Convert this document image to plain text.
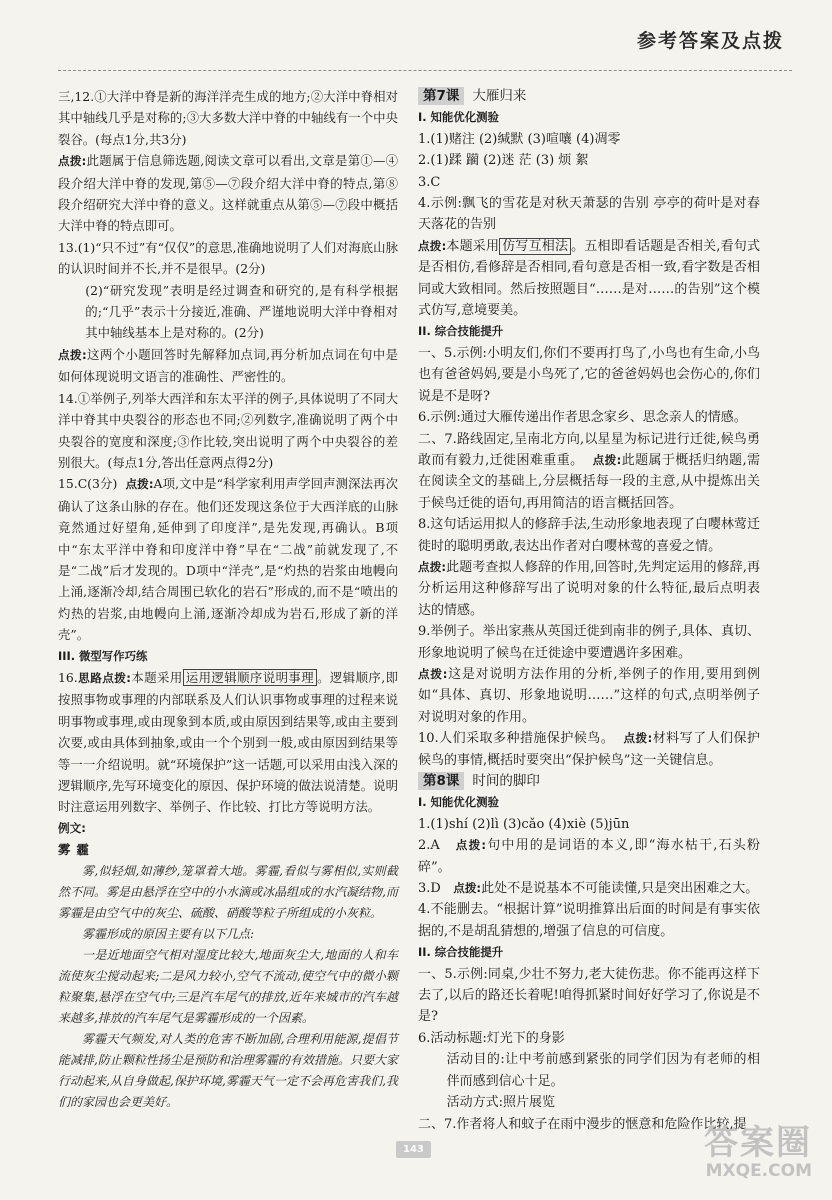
参考答案及点拨

三,12.①大洋中脊是新的海洋洋壳生成的地方;②大洋中脊相对其中轴线几乎是对称的;③大多数大洋中脊的中轴线有一个中央裂谷。(每点1分,共3分)

点拨:此题属于信息筛选题,阅读文章可以看出,文章是第①—④段介绍大洋中脊的发现,第⑤—⑦段介绍大洋中脊的特点,第⑧段介绍研究大洋中脊的意义。这样就重点从第⑤—⑦段中概括大洋中脊的特点即可。

13.(1)“只不过”有“仅仅”的意思,准确地说明了人们对海底山脉的认识时间并不长,并不是很早。(2分)

(2)“研究发现”表明是经过调查和研究的,是有科学根据的;“几乎”表示十分接近,准确、严谨地说明大洋中脊相对其中轴线基本上是对称的。(2分)

点拨:这两个小题回答时先解释加点词,再分析加点词在句中是如何体现说明文语言的准确性、严密性的。

14.①举例子,列举大西洋和东太平洋的例子,具体说明了不同大洋中脊其中央裂谷的形态也不同;②列数字,准确说明了两个中央裂谷的宽度和深度;③作比较,突出说明了两个中央裂谷的差别很大。(每点1分,答出任意两点得2分)

15.C(3分) 点拨:A项,文中是“科学家利用声学回声测深法再次确认了这条山脉的存在。他们还发现这条位于大西洋底的山脉竟然通过好望角,延伸到了印度洋”,是先发现,再确认。B项中“东太平洋中脊和印度洋中脊”早在“二战”前就发现了,不是“二战”后才发现的。D项中“洋壳”,是“灼热的岩浆由地幔向上涌,逐渐冷却,结合周围已软化的岩石”形成的,而不是“喷出的灼热的岩浆,由地幔向上涌,逐渐冷却成为岩石,形成了新的洋壳”。

III. 微型写作巧练

16.思路点拨:本题采用 运用逻辑顺序说明事理 。逻辑顺序,即按照事物或事理的内部联系及人们认识事物或事理的过程来说明事物或事理,或由现象到本质,或由原因到结果等,或由主要到次要,或由具体到抽象,或由一个个别到一般,或由原因到结果等等一一介绍说明。就“环境保护”这一话题,可以采用由浅入深的逻辑顺序,先写环境变化的原因、保护环境的做法说清楚。说明时注意运用列数字、举例子、作比较、打比方等说明方法。

例文:

雾霾

雾,似轻烟,如薄纱,笼罩着大地。雾霾,看似与雾相似,实则截然不同。雾是由悬浮在空中的小水滴或冰晶组成的水汽凝结物,而雾霾是由空气中的灰尘、硫酸、硝酸等粒子所组成的小灰粒。

雾霾形成的原因主要有以下几点:

一是近地面空气相对湿度比较大,地面灰尘大,地面的人和车流使灰尘搅动起来;二是风力较小,空气不流动,使空气中的微小颗粒聚集,悬浮在空气中;三是汽车尾气的排放,近年来城市的汽车越来越多,排放的汽车尾气是雾霾形成的一个因素。

雾霾天气频发,对人类的危害不断加剧,合理利用能源,提倡节能减排,防止颗粒性扬尘是预防和治理雾霾的有效措施。只要大家行动起来,从自身做起,保护环境,雾霾天气一定不会再危害我们,我们的家园也会更美好。

第7课 大雁归来

I. 知能优化测验

1.(1)赌注 (2)缄默 (3)喧嚷 (4)凋零

2.(1)蹂 躏 (2)迷 茫 (3) 烦 絮

3.C

4.示例:飘飞的雪花是对秋天萧瑟的告别 亭亭的荷叶是对春天落花的告别

点拨:本题采用 仿写互相法 。五相即看话题是否相关,看句式是否相仿,看修辞是否相同,看句意是否相一致,看字数是否相同或大致相同。然后按照题目“……是对……的告别”这个模式仿写,意境要美。

II. 综合技能提升

一、5.示例:小明友们,你们不要再打鸟了,小鸟也有生命,小鸟也有爸爸妈妈,要是小鸟死了,它的爸爸妈妈也会伤心的,你们说是不是呀?

6.示例:通过大雁传递出作者思念家乡、思念亲人的情感。

二、7.路线固定,呈南北方向,以星星为标记进行迁徙,候鸟勇敢而有毅力,迁徙困难重重。 点拨:此题属于概括归纳题,需在阅读全文的基础上,分层概括每一段的主意,从中提炼出关于候鸟迁徙的语句,再用简洁的语言概括回答。

8.这句话运用拟人的修辞手法,生动形象地表现了白嘤林莺迁徙时的聪明勇敢,表达出作者对白嘤林莺的喜爱之情。

点拨:此题考查拟人修辞的作用,回答时,先判定运用的修辞,再分析运用这种修辞写出了说明对象的什么特征,最后点明表达的情感。

9.举例子。举出家燕从英国迁徙到南非的例子,具体、真切、形象地说明了候鸟在迁徙途中要遭遇许多困难。

点拨:这是对说明方法作用的分析,举例子的作用,要用到例如“具体、真切、形象地说明……”这样的句式,点明举例子对说明对象的作用。

10.人们采取多种措施保护候鸟。 点拨:材料写了人们保护候鸟的事情,概括时要突出“保护候鸟”这一关键信息。

第8课 时间的脚印

I. 知能优化测验

1.(1)shí (2)lì (3)cǎo (4)xiè (5)jūn

2.A 点拨:句中用的是词语的本义,即“海水枯干,石头粉碎”。

3.D 点拨:此处不是说基本不可能读懂,只是突出困难之大。

4.不能删去。“根据计算”说明推算出后面的时间是有事实依据的,不是胡乱猜想的,增强了信息的可信度。

II. 综合技能提升

一、5.示例:同桌,少壮不努力,老大徒伤悲。你不能再这样下去了,以后的路还长着呢!咱得抓紧时间好好学习了,你说是不是?

6.活动标题:灯光下的身影

活动目的:让中考前感到紧张的同学们因为有老师的相伴而感到信心十足。

活动方式:照片展览

二、7.作者将人和蚊子在雨中漫步的惬意和危险作比较,提

143	答案圈
MXQE.COM
